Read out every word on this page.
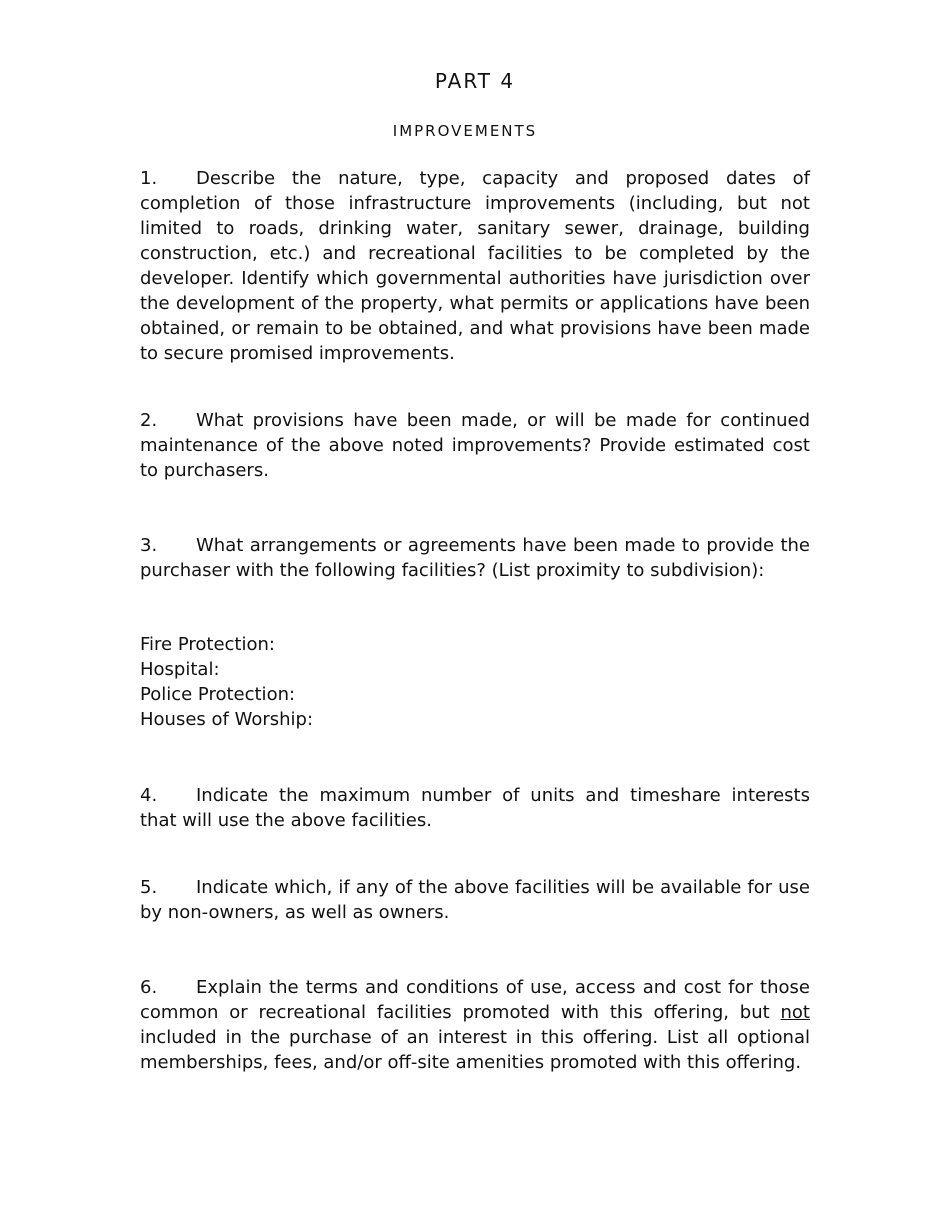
PART 4
IMPROVEMENTS

1. Describe the nature, type, capacity and proposed dates of completion of those infrastructure improvements (including, but not limited to roads, drinking water, sanitary sewer, drainage, building construction, etc.) and recreational facilities to be completed by the developer. Identify which governmental authorities have jurisdiction over the development of the property, what permits or applications have been obtained, or remain to be obtained, and what provisions have been made to secure promised improvements.

2. What provisions have been made, or will be made for continued maintenance of the above noted improvements? Provide estimated cost to purchasers.

3. What arrangements or agreements have been made to provide the purchaser with the following facilities? (List proximity to subdivision):

Fire Protection:
Hospital:
Police Protection:
Houses of Worship:

4. Indicate the maximum number of units and timeshare interests that will use the above facilities.

5. Indicate which, if any of the above facilities will be available for use by non-owners, as well as owners.

6. Explain the terms and conditions of use, access and cost for those common or recreational facilities promoted with this offering, but not included in the purchase of an interest in this offering. List all optional memberships, fees, and/or off-site amenities promoted with this offering.
